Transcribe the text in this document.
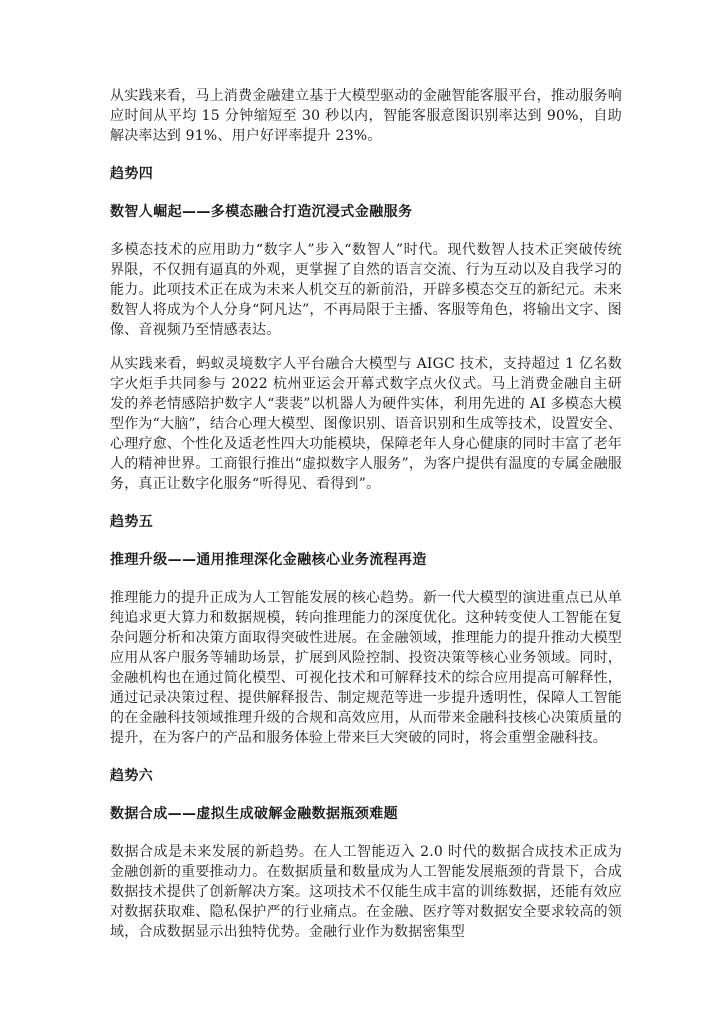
从实践来看，马上消费金融建立基于大模型驱动的金融智能客服平台，推动服务响应时间从平均 15 分钟缩短至 30 秒以内，智能客服意图识别率达到 90%，自助解决率达到 91%、用户好评率提升 23%。

趋势四

数智人崛起——多模态融合打造沉浸式金融服务

多模态技术的应用助力“数字人”步入“数智人”时代。现代数智人技术正突破传统界限，不仅拥有逼真的外观，更掌握了自然的语言交流、行为互动以及自我学习的能力。此项技术正在成为未来人机交互的新前沿，开辟多模态交互的新纪元。未来数智人将成为个人分身“阿凡达”，不再局限于主播、客服等角色，将输出文字、图像、音视频乃至情感表达。

从实践来看，蚂蚁灵境数字人平台融合大模型与 AIGC 技术，支持超过 1 亿名数字火炬手共同参与 2022 杭州亚运会开幕式数字点火仪式。马上消费金融自主研发的养老情感陪护数字人“裴裴”以机器人为硬件实体，利用先进的 AI 多模态大模型作为“大脑”，结合心理大模型、图像识别、语音识别和生成等技术，设置安全、心理疗愈、个性化及适老性四大功能模块，保障老年人身心健康的同时丰富了老年人的精神世界。工商银行推出“虚拟数字人服务”，为客户提供有温度的专属金融服务，真正让数字化服务“听得见、看得到”。

趋势五

推理升级——通用推理深化金融核心业务流程再造

推理能力的提升正成为人工智能发展的核心趋势。新一代大模型的演进重点已从单纯追求更大算力和数据规模，转向推理能力的深度优化。这种转变使人工智能在复杂问题分析和决策方面取得突破性进展。在金融领域，推理能力的提升推动大模型应用从客户服务等辅助场景，扩展到风险控制、投资决策等核心业务领域。同时，金融机构也在通过简化模型、可视化技术和可解释技术的综合应用提高可解释性，通过记录决策过程、提供解释报告、制定规范等进一步提升透明性，保障人工智能的在金融科技领域推理升级的合规和高效应用，从而带来金融科技核心决策质量的提升，在为客户的产品和服务体验上带来巨大突破的同时，将会重塑金融科技。

趋势六

数据合成——虚拟生成破解金融数据瓶颈难题

数据合成是未来发展的新趋势。在人工智能迈入 2.0 时代的数据合成技术正成为金融创新的重要推动力。在数据质量和数量成为人工智能发展瓶颈的背景下，合成数据技术提供了创新解决方案。这项技术不仅能生成丰富的训练数据，还能有效应对数据获取难、隐私保护严的行业痛点。在金融、医疗等对数据安全要求较高的领域，合成数据显示出独特优势。金融行业作为数据密集型
